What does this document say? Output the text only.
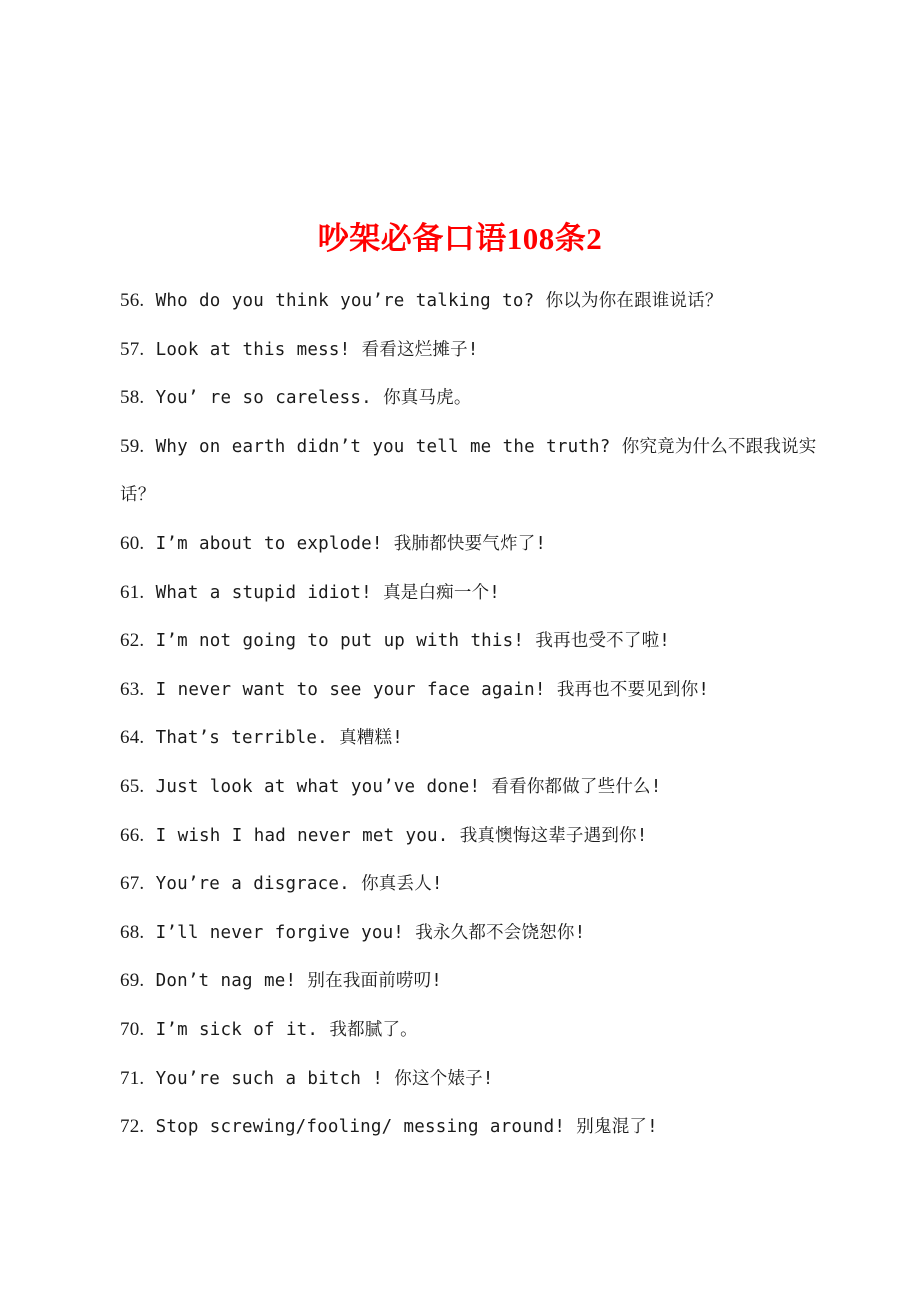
吵架必备口语108条2

56. Who do you think you’re talking to? 你以为你在跟谁说话？

57. Look at this mess! 看看这烂摊子!

58. You’ re so careless. 你真马虎。

59. Why on earth didn’t you tell me the truth? 你究竟为什么不跟我说实话？

60. I’m about to explode! 我肺都快要气炸了!

61. What a stupid idiot! 真是白痴一个!

62. I’m not going to put up with this! 我再也受不了啦!

63. I never want to see your face again! 我再也不要见到你!

64. That’s terrible. 真糟糕!

65. Just look at what you’ve done! 看看你都做了些什么!

66. I wish I had never met you. 我真懊悔这辈子遇到你!

67. You’re a disgrace. 你真丢人!

68. I’ll never forgive you! 我永久都不会饶恕你!

69. Don’t nag me! 别在我面前唠叨!

70. I’m sick of it. 我都腻了。

71. You’re such a bitch ! 你这个婊子!

72. Stop screwing/fooling/ messing around! 别鬼混了!
